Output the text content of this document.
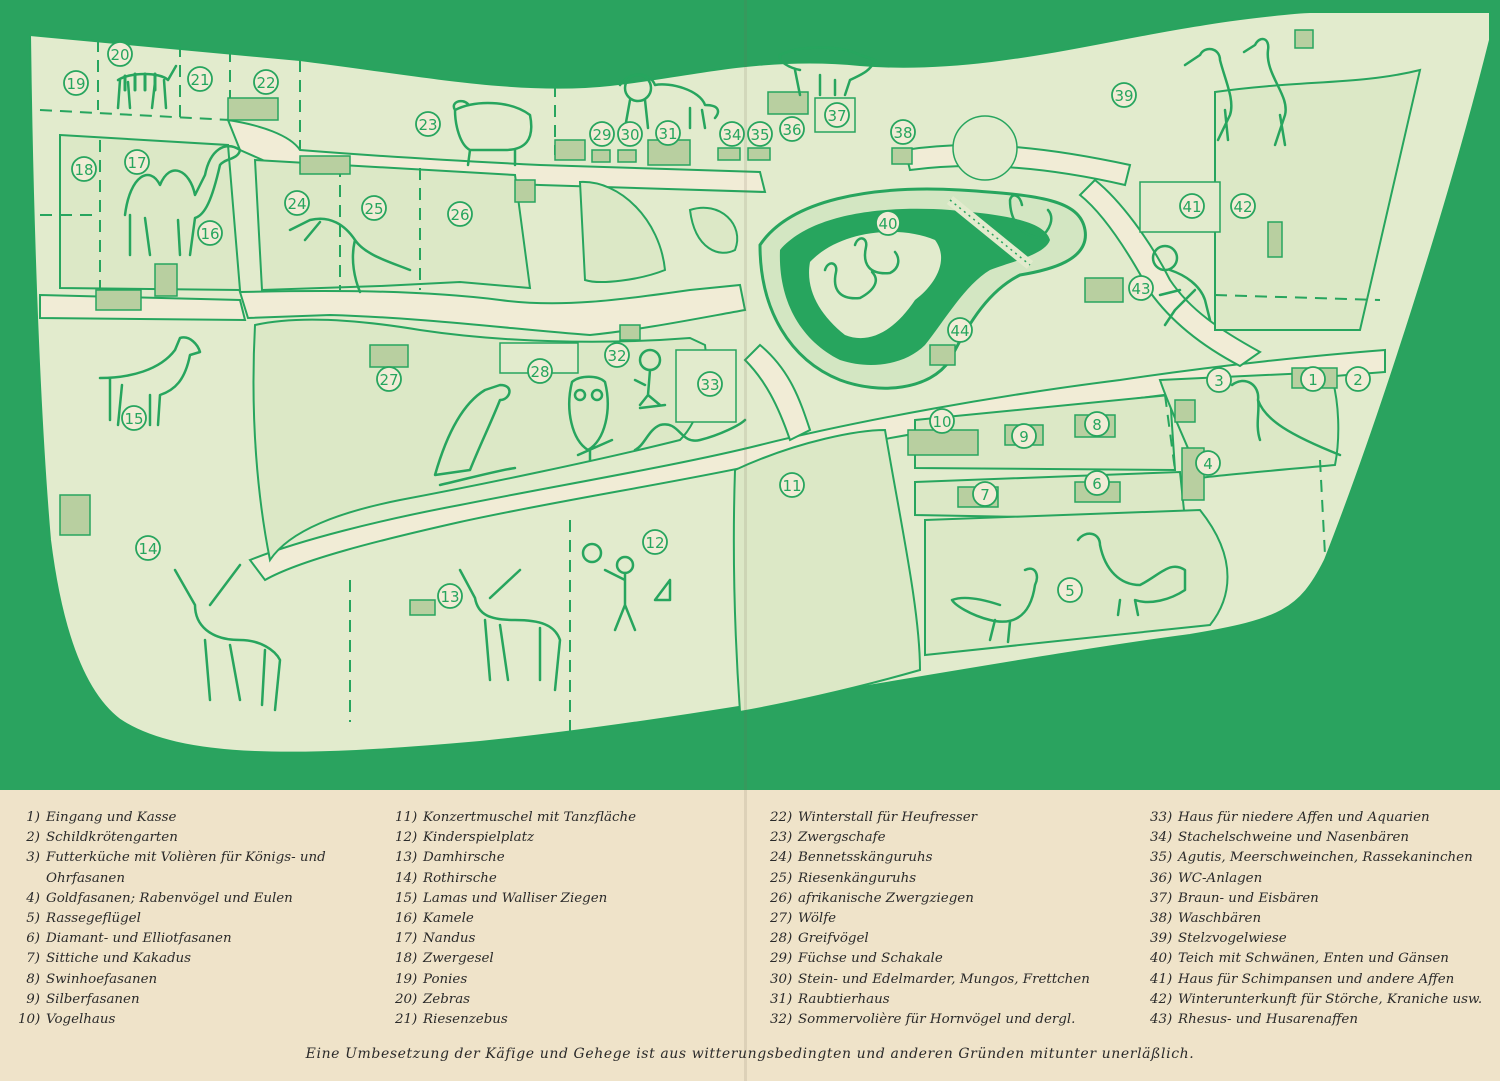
1 2
3
4
5
6
7
8
9
10
11
12
13
14
15
16
17
18
19
20
21	22
23
24	25	26
27	28
29 30 31
32
33
34 35 36
37
38
39
40
41 42
43
44
1) Eingang und Kasse
2) Schildkrötengarten
3) Futterküche mit Volièren für Königs- und
Ohrfasanen
4) Goldfasanen; Rabenvögel und Eulen
5) Rassegeflügel
6) Diamant- und Elliotfasanen
7) Sittiche und Kakadus
8) Swinhoefasanen
9) Silberfasanen
10) Vogelhaus
11) Konzertmuschel mit Tanzfläche
12) Kinderspielplatz
13) Damhirsche
14) Rothirsche
15) Lamas und Walliser Ziegen
16) Kamele
17) Nandus
18) Zwergesel
19) Ponies
20) Zebras
21) Riesenzebus
22) Winterstall für Heufresser
23) Zwergschafe
24) Bennetsskänguruhs
25) Riesenkänguruhs
26) afrikanische Zwergziegen
27) Wölfe
28) Greifvögel
29) Füchse und Schakale
30) Stein- und Edelmarder, Mungos, Frettchen
31) Raubtierhaus
32) Sommervolière für Hornvögel und dergl.
33) Haus für niedere Affen und Aquarien
34) Stachelschweine und Nasenbären
35) Agutis, Meerschweinchen, Rassekaninchen
36) WC-Anlagen
37) Braun- und Eisbären
38) Waschbären
39) Stelzvogelwiese
40) Teich mit Schwänen, Enten und Gänsen
41) Haus für Schimpansen und andere Affen
42) Winterunterkunft für Störche, Kraniche usw.
43) Rhesus- und Husarenaffen
Eine Umbesetzung der Käfige und Gehege ist aus witterungsbedingten und anderen Gründen mitunter unerläßlich.
